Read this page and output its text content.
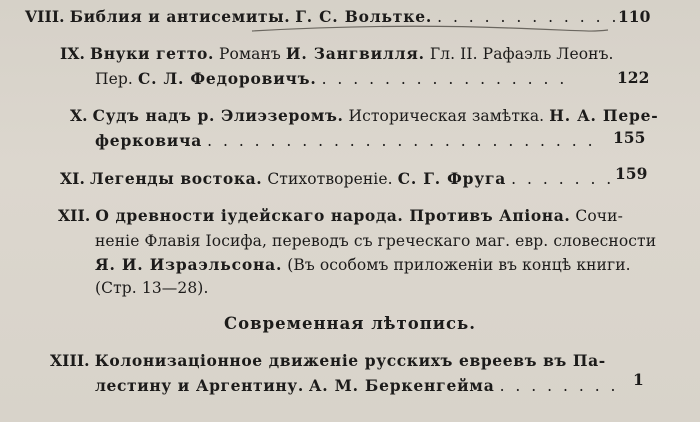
VIII. Библия и антисемиты. Г. С. Вольтке. . . . . . . . . . . . .
110
IX. Внуки гетто. Романъ И. Зангвилля. Гл. II. Рафаэль Леонъ.
Пер. С. Л. Федоровичъ. . . . . . . . . . . . . . . . .	122
X. Судъ надъ р. Элиэзеромъ. Историческая замѣтка. Н. А. Пере-
ферковича . . . . . . . . . . . . . . . . . . . . . . . . . 155
XI. Легенды востока. Стихотвореніе. С. Г. Фруга . . . . . . . 159
XII. О древности іудейскаго народа. Противъ Апіона. Сочи-
неніе Флавія Іосифа, переводъ съ греческаго маг. евр. словесности
Я. И. Израэльсона. (Въ особомъ приложеніи въ концѣ книги.
(Стр. 13—28).
Современная лѣтопись.
XIII. Колонизаціонное движеніе русскихъ евреевъ въ Па-
лестину и Аргентину. А. М. Беркенгейма . . . . . . . . 1
